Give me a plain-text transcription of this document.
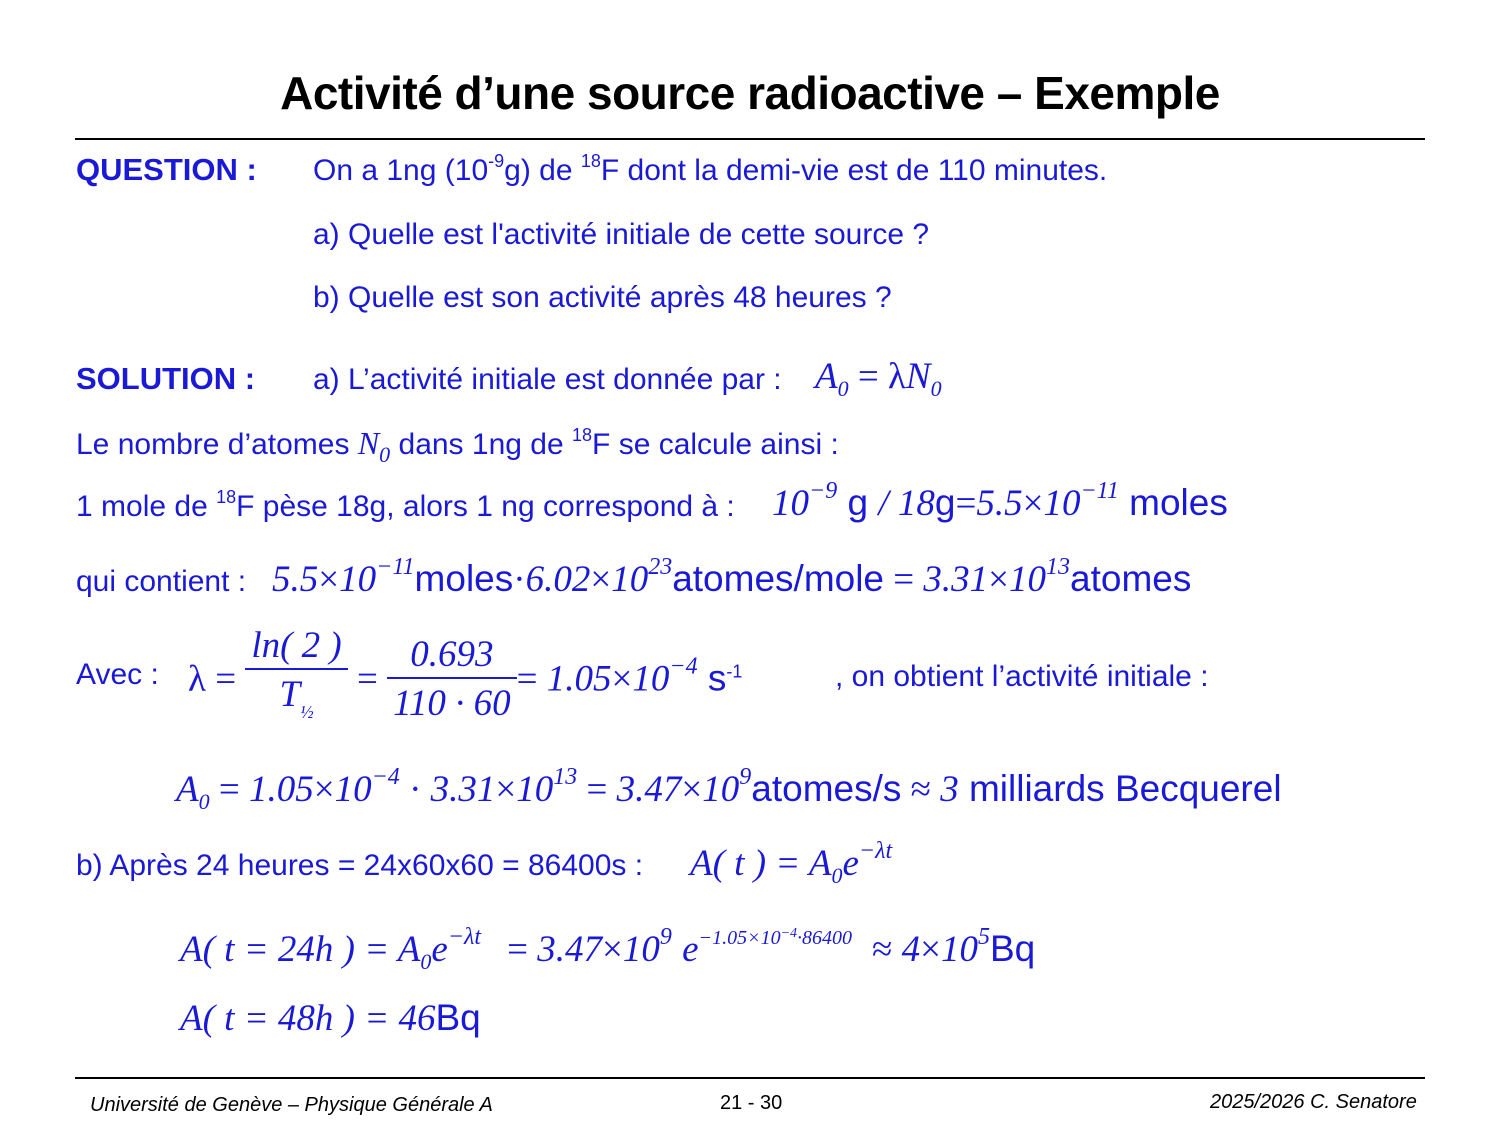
Activité d’une source radioactive – Exemple
QUESTION : On a 1ng $(10^{-9}g)$ de $^{18}$F dont la demi-vie est de 110 minutes.
a) Quelle est l'activité initiale de cette source ?
b) Quelle est son activité après 48 heures ?
SOLUTION : a) L’activité initiale est donnée par : $A_0 = \lambda N_0$
Le nombre d’atomes $N_0$ dans 1ng de $^{18}$F se calcule ainsi :
1 mole de $^{18}$F pèse 18g, alors 1 ng correspond à : $10^{-9}$ $g / 18g=5.5\times 10^{-11}$ moles
qui contient : $5.5\times 10^{-11}moles\cdot 6.02\times 10^{23}atomes$/mole = $3.31\times 10^{13}atomes$
Avec : $\lambda = \frac{\ln( 2 )}{T_{\frac{1}{2}}} = \frac{0.693}{110 \cdot 60} = 1.05\times 10^{-4}$ $s^{-1}$	, on obtient l’activité initiale :
$A_0 = 1.05\times 10^{-4} \cdot 3.31\times 10^{13}$ = $3.47\times 10^9atomes/s \approx 3$ milliards Becquerel
b) Après 24 heures = 24x60x60 = 86400s : A( t ) = $A_0e^{-\lambda t}$
A( t = 24h ) = $A_0e^{-\lambda t} = 3.47\times 10^9$ $e^{-1.05\times 10^{-4}\cdot 86400} \approx 4\times 10^5Bq$
A( t = 48h ) = 46Bq
Université de Genève – Physique Générale A	21 - 30	2025/2026 C. Senatore
